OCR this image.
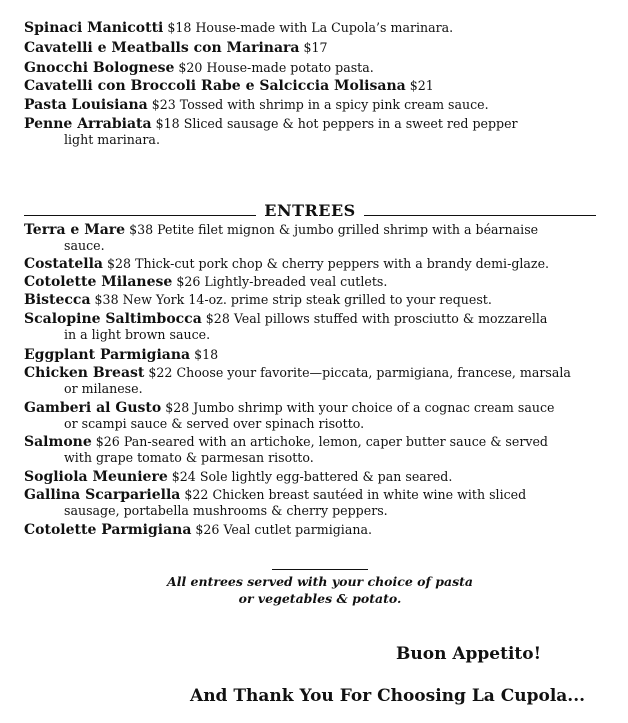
Spinaci Manicotti $18 House-made with La Cupola’s marinara.
Cavatelli e Meatballs con Marinara $17
Gnocchi Bolognese $20 House-made potato pasta.
Cavatelli con Broccoli Rabe e Salciccia Molisana $21
Pasta Louisiana $23 Tossed with shrimp in a spicy pink cream sauce.
Penne Arrabiata $18 Sliced sausage & hot peppers in a sweet red pepper
light marinara.
ENTREES
Terra e Mare $38 Petite filet mignon & jumbo grilled shrimp with a béarnaise
sauce.
Costatella $28 Thick-cut pork chop & cherry peppers with a brandy demi-glaze.
Cotolette Milanese $26 Lightly-breaded veal cutlets.
Bistecca $38 New York 14-oz. prime strip steak grilled to your request.
Scalopine Saltimbocca $28 Veal pillows stuffed with prosciutto & mozzarella
in a light brown sauce.
Eggplant Parmigiana $18
Chicken Breast $22 Choose your favorite—piccata, parmigiana, francese, marsala
or milanese.
Gamberi al Gusto $28 Jumbo shrimp with your choice of a cognac cream sauce
or scampi sauce & served over spinach risotto.
Salmone $26 Pan-seared with an artichoke, lemon, caper butter sauce & served
with grape tomato & parmesan risotto.
Sogliola Meuniere $24 Sole lightly egg-battered & pan seared.
Gallina Scarpariella $22 Chicken breast sautéed in white wine with sliced
sausage, portabella mushrooms & cherry peppers.
Cotolette Parmigiana $26 Veal cutlet parmigiana.
All entrees served with your choice of pasta
or vegetables & potato.
Buon Appetito!
And Thank You For Choosing La Cupola...
